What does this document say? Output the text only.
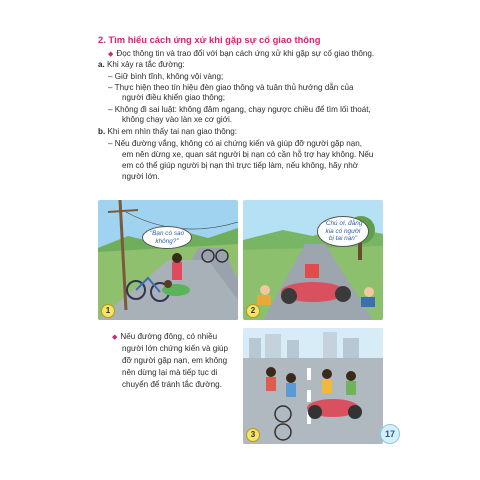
2. Tìm hiểu cách ứng xử khi gặp sự cố giao thông
◆ Đọc thông tin và trao đổi với bạn cách ứng xử khi gặp sự cố giao thông.
a. Khi xảy ra tắc đường:
– Giữ bình tĩnh, không vội vàng;
– Thực hiện theo tín hiệu đèn giao thông và tuân thủ hướng dẫn của
người điều khiển giao thông;
– Không đi sai luật: không đâm ngang, chạy ngược chiều để tìm lối thoát,
không chạy vào làn xe cơ giới.
b. Khi em nhìn thấy tai nạn giao thông:
– Nếu đường vắng, không có ai chứng kiến và giúp đỡ người gặp nạn,
em nên dừng xe, quan sát người bị nạn có cần hỗ trợ hay không. Nếu
em có thể giúp người bị nạn thì trực tiếp làm, nếu không, hãy nhờ
người lớn.
"Bạn có sao
không?"
1
"Chú ơi, đằng
kia có người
bị tai nạn"
2
◆ Nếu đường đông, có nhiều
người lớn chứng kiến và giúp
đỡ người gặp nạn, em không
nên dừng lại mà tiếp tục di
chuyển để tránh tắc đường.
3	17
